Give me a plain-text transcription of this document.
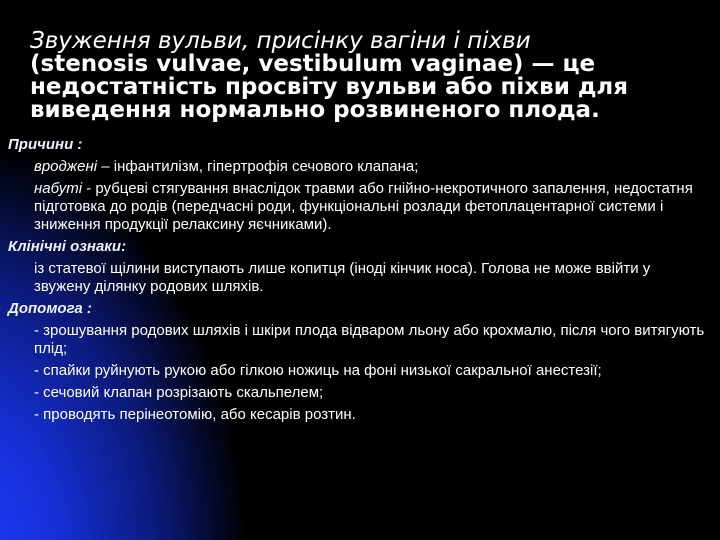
Звуження вульви, присінку вагіни і піхви
(stenosis vulvae, vestibulum vaginae) — це недостатність просвіту вульви або піхви для виведення нормально розвиненого плода.
Причини :
вроджені – інфантилізм, гіпертрофія сечового клапана;
набуті - рубцеві стягування внаслідок травми або гнійно-некротичного запалення, недостатня підготовка до родів (передчасні роди, функціональні розлади фетоплацентарної системи і зниження продукції релаксину яєчниками).
Клінічні ознаки:
із статевої щілини виступають лише копитця (іноді кінчик носа). Голова не може ввійти у звужену ділянку родових шляхів.
Допомога :
- зрошування родових шляхів і шкіри плода відваром льону або крохмалю, після чого витягують плід;
- спайки руйнують рукою або гілкою ножиць на фоні низької сакральної анестезії;
- сечовий клапан розрізають скальпелем;
- проводять перінеотомію, або кесарів розтин.
